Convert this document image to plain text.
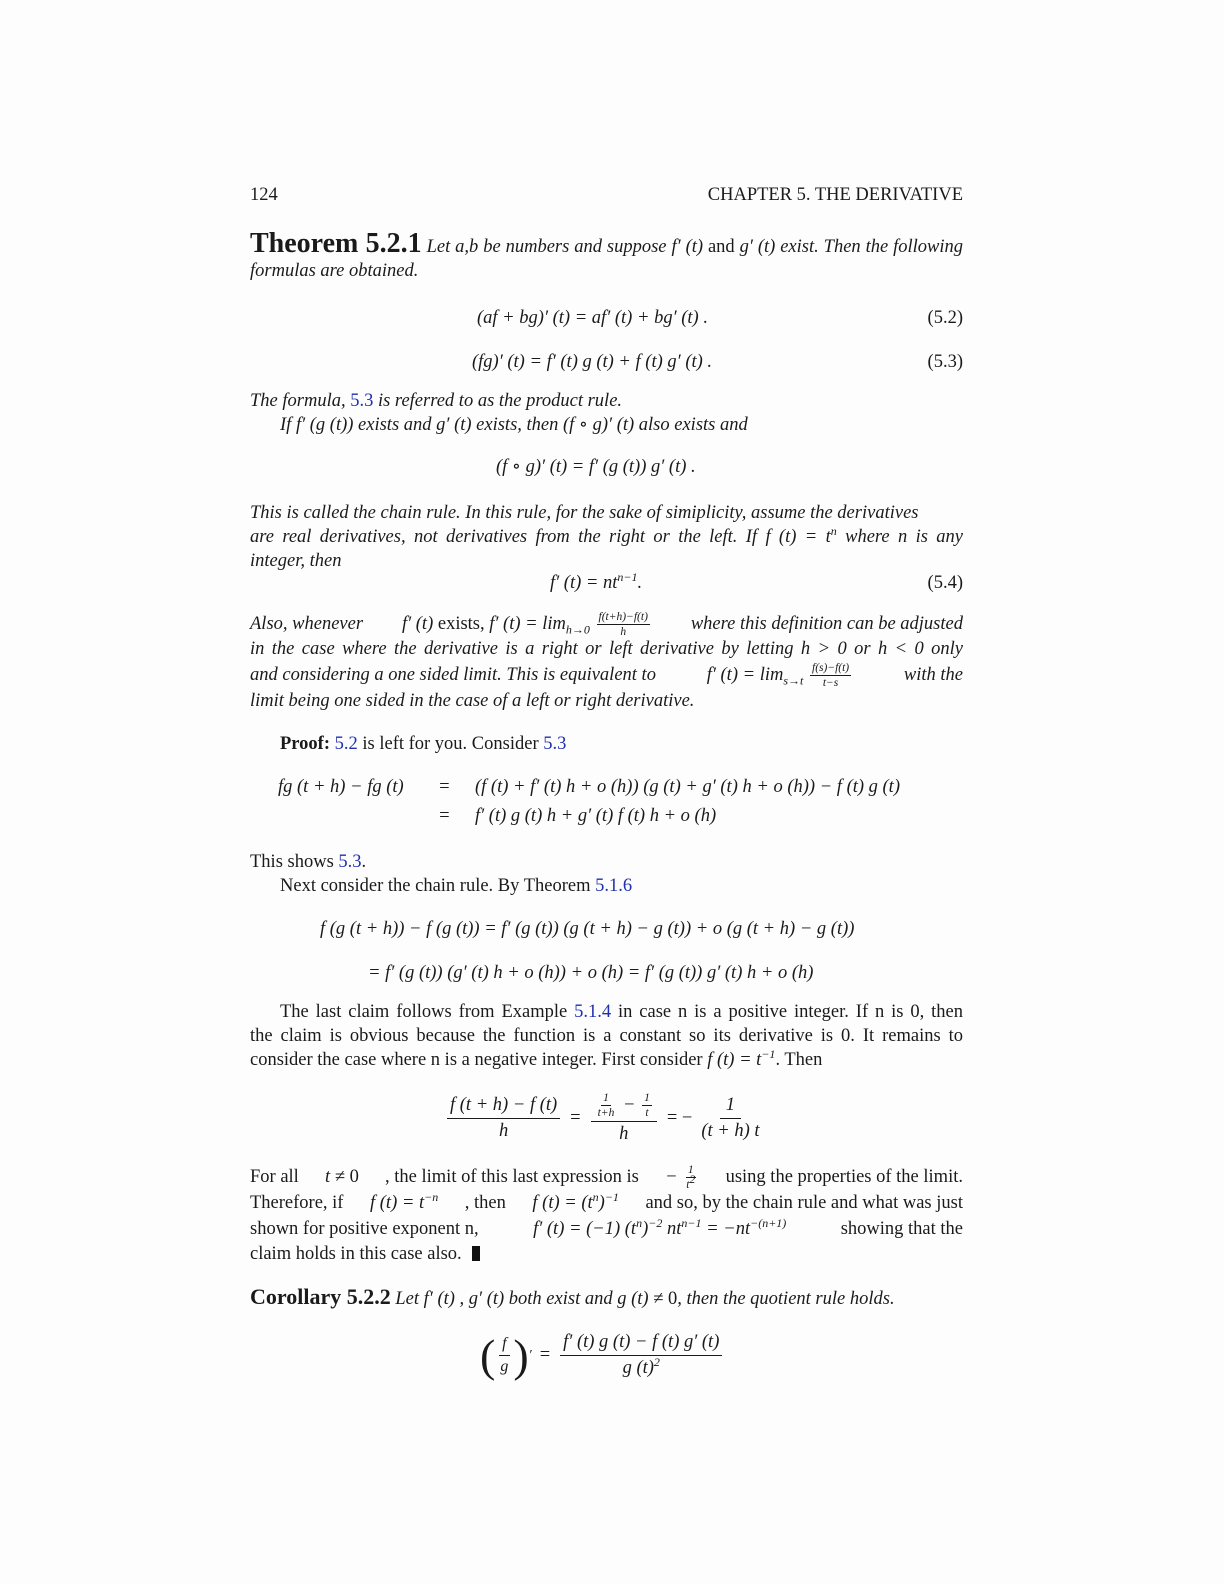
124	CHAPTER 5. THE DERIVATIVE
Theorem 5.2.1 Let a,b be numbers and suppose f′ (t) and g′ (t) exist. Then the following formulas are obtained.
(af + bg)′ (t) = af′ (t) + bg′ (t) .	(5.2)
(fg)′ (t) = f′ (t) g (t) + f (t) g′ (t) .	(5.3)
The formula, 5.3 is referred to as the product rule.
If f′ (g (t)) exists and g′ (t) exists, then (f ∘ g)′ (t) also exists and
(f ∘ g)′ (t) = f′ (g (t)) g′ (t) .
This is called the chain rule. In this rule, for the sake of simiplicity, assume the derivatives
are real derivatives, not derivatives from the right or the left. If f $(t) = t^n$ where n is any
integer, then
f′ $(t) = nt^{n-1}$.	(5.4)
Also, whenever f′ (t) exists, f′ $(t) = \lim_{h\to 0} \frac{f(t+h)-f(t)}{h}$ where this definition can be adjusted
in the case where the derivative is a right or left derivative by letting h > 0 or h < 0 only
and considering a one sided limit. This is equivalent to	f′ $(t) = \lim_{s\to t} \frac{f(s)-f(t)}{t-s}$	with the
limit being one sided in the case of a left or right derivative.
Proof: 5.2 is left for you. Consider 5.3
fg (t + h) − fg (t) = (f (t) + f′ (t) h + o (h)) (g (t) + g′ (t) h + o (h)) − f (t) g (t)
= f′ (t) g (t) h + g′ (t) f (t) h + o (h)
This shows 5.3.
Next consider the chain rule. By Theorem 5.1.6
f (g (t + h)) − f (g (t)) = f′ (g (t)) (g (t + h) − g (t)) + o (g (t + h) − g (t))
= f′ (g (t)) (g′ (t) h + o (h)) + o (h) = f′ (g (t)) g′ (t) h + o (h)
The last claim follows from Example 5.1.4 in case n is a positive integer. If n is 0, then
the claim is obvious because the function is a constant so its derivative is 0. It remains to
consider the case where n is a negative integer. First consider f $(t) = t^{-1}$. Then
$\frac{f (t + h) - f (t)}{h} = \frac{\frac{1}{t+h} - \frac{1}{t}}{h}$ = − $\frac{1}{(t + h) t}$
For all t ≠ 0 , the limit of this last expression is − $\frac{1}{t^2}$ using the properties of the limit.
Therefore, if f $(t) = t^{-n}$ , then f $(t) = (t^n)^{-1}$ and so, by the chain rule and what was just
shown for positive exponent n,	f′ (t) = (−1) $(t^n)^{-2}$ $nt^{n-1} = -nt^{-(n+1)}$	showing that the
claim holds in this case also.
Corollary 5.2.2 Let f′ (t) , g′ (t) both exist and g (t) ≠ 0, then the quotient rule holds.
( $\frac{f}{g}$ ) ′ = $\frac{f' (t) g (t) - f (t) g' (t)}{g (t)^2}$
